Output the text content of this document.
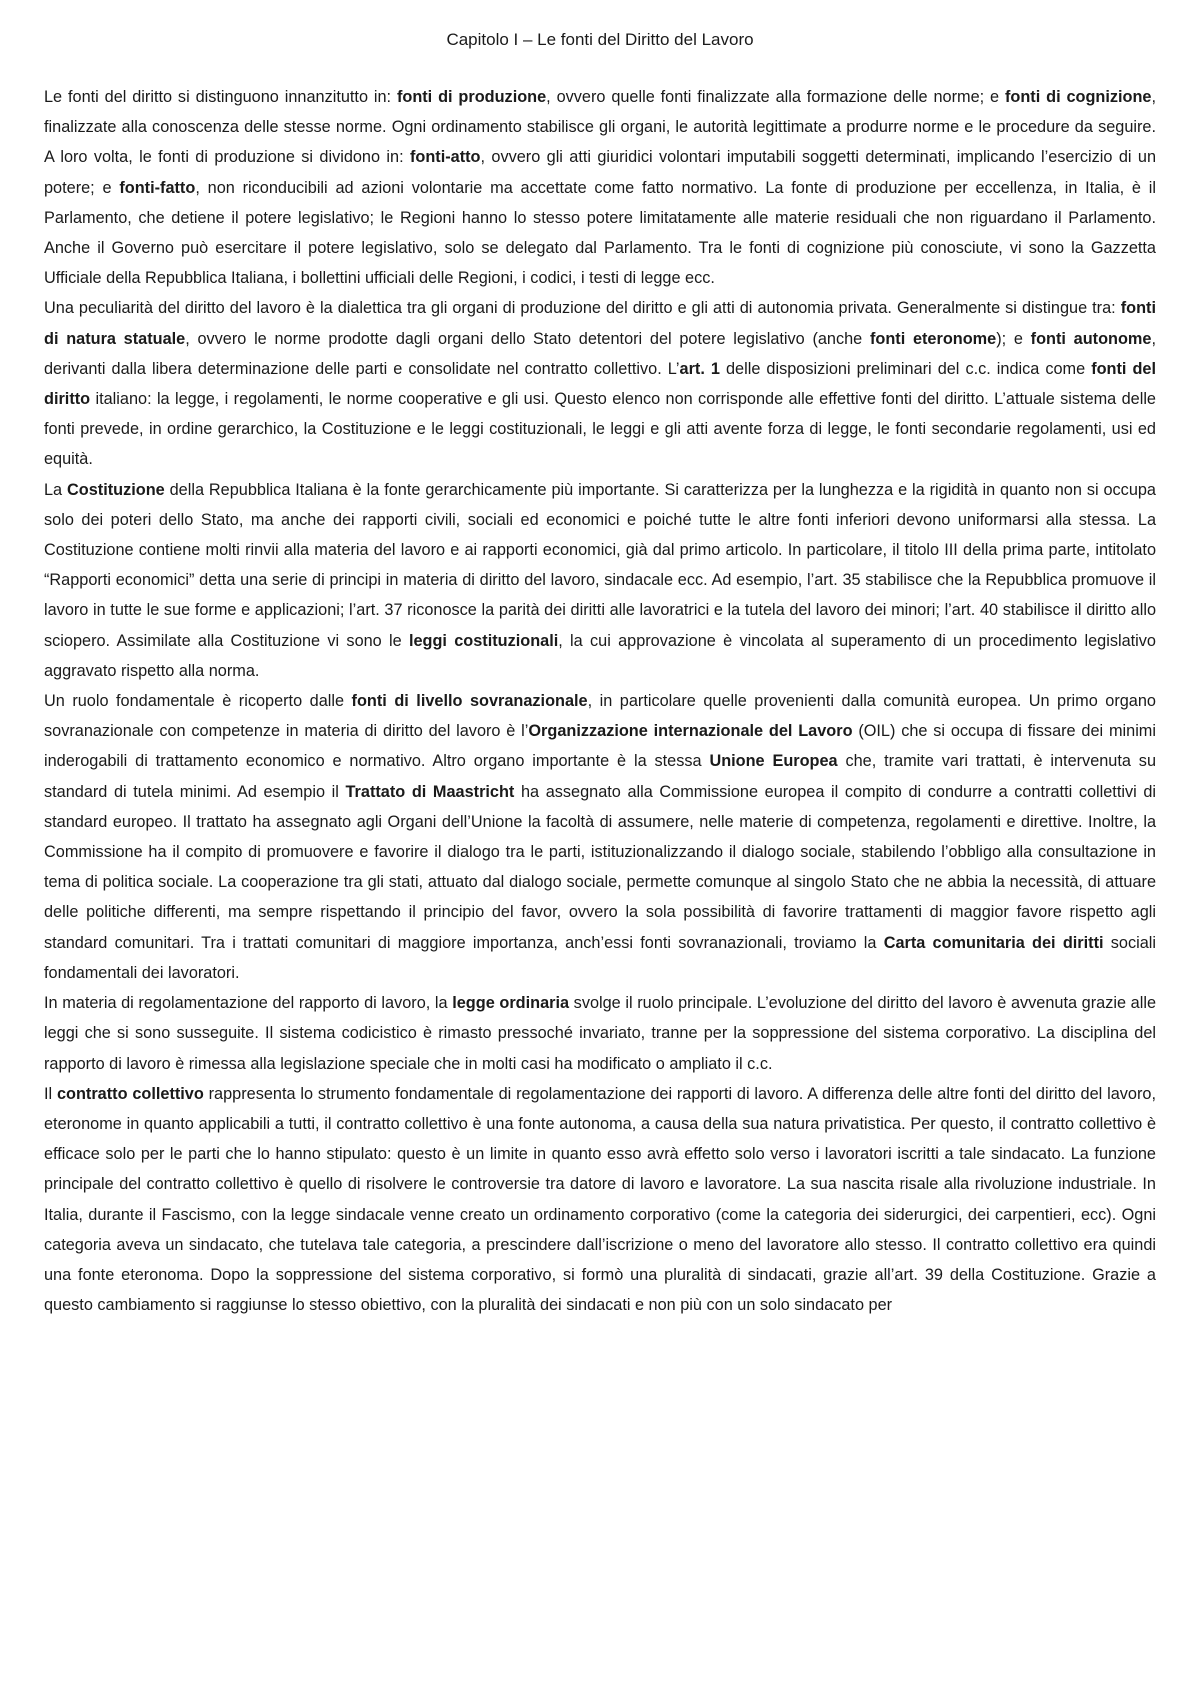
Capitolo I – Le fonti del Diritto del Lavoro

Le fonti del diritto si distinguono innanzitutto in: fonti di produzione, ovvero quelle fonti finalizzate alla formazione delle norme; e fonti di cognizione, finalizzate alla conoscenza delle stesse norme. Ogni ordinamento stabilisce gli organi, le autorità legittimate a produrre norme e le procedure da seguire. A loro volta, le fonti di produzione si dividono in: fonti-atto, ovvero gli atti giuridici volontari imputabili soggetti determinati, implicando l’esercizio di un potere; e fonti-fatto, non riconducibili ad azioni volontarie ma accettate come fatto normativo. La fonte di produzione per eccellenza, in Italia, è il Parlamento, che detiene il potere legislativo; le Regioni hanno lo stesso potere limitatamente alle materie residuali che non riguardano il Parlamento. Anche il Governo può esercitare il potere legislativo, solo se delegato dal Parlamento. Tra le fonti di cognizione più conosciute, vi sono la Gazzetta Ufficiale della Repubblica Italiana, i bollettini ufficiali delle Regioni, i codici, i testi di legge ecc.

Una peculiarità del diritto del lavoro è la dialettica tra gli organi di produzione del diritto e gli atti di autonomia privata. Generalmente si distingue tra: fonti di natura statuale, ovvero le norme prodotte dagli organi dello Stato detentori del potere legislativo (anche fonti eteronome); e fonti autonome, derivanti dalla libera determinazione delle parti e consolidate nel contratto collettivo. L’art. 1 delle disposizioni preliminari del c.c. indica come fonti del diritto italiano: la legge, i regolamenti, le norme cooperative e gli usi. Questo elenco non corrisponde alle effettive fonti del diritto. L’attuale sistema delle fonti prevede, in ordine gerarchico, la Costituzione e le leggi costituzionali, le leggi e gli atti avente forza di legge, le fonti secondarie regolamenti, usi ed equità.

La Costituzione della Repubblica Italiana è la fonte gerarchicamente più importante. Si caratterizza per la lunghezza e la rigidità in quanto non si occupa solo dei poteri dello Stato, ma anche dei rapporti civili, sociali ed economici e poiché tutte le altre fonti inferiori devono uniformarsi alla stessa. La Costituzione contiene molti rinvii alla materia del lavoro e ai rapporti economici, già dal primo articolo. In particolare, il titolo III della prima parte, intitolato “Rapporti economici” detta una serie di principi in materia di diritto del lavoro, sindacale ecc. Ad esempio, l’art. 35 stabilisce che la Repubblica promuove il lavoro in tutte le sue forme e applicazioni; l’art. 37 riconosce la parità dei diritti alle lavoratrici e la tutela del lavoro dei minori; l’art. 40 stabilisce il diritto allo sciopero. Assimilate alla Costituzione vi sono le leggi costituzionali, la cui approvazione è vincolata al superamento di un procedimento legislativo aggravato rispetto alla norma.

Un ruolo fondamentale è ricoperto dalle fonti di livello sovranazionale, in particolare quelle provenienti dalla comunità europea. Un primo organo sovranazionale con competenze in materia di diritto del lavoro è l’Organizzazione internazionale del Lavoro (OIL) che si occupa di fissare dei minimi inderogabili di trattamento economico e normativo. Altro organo importante è la stessa Unione Europea che, tramite vari trattati, è intervenuta su standard di tutela minimi. Ad esempio il Trattato di Maastricht ha assegnato alla Commissione europea il compito di condurre a contratti collettivi di standard europeo. Il trattato ha assegnato agli Organi dell’Unione la facoltà di assumere, nelle materie di competenza, regolamenti e direttive. Inoltre, la Commissione ha il compito di promuovere e favorire il dialogo tra le parti, istituzionalizzando il dialogo sociale, stabilendo l’obbligo alla consultazione in tema di politica sociale. La cooperazione tra gli stati, attuato dal dialogo sociale, permette comunque al singolo Stato che ne abbia la necessità, di attuare delle politiche differenti, ma sempre rispettando il principio del favor, ovvero la sola possibilità di favorire trattamenti di maggior favore rispetto agli standard comunitari. Tra i trattati comunitari di maggiore importanza, anch’essi fonti sovranazionali, troviamo la Carta comunitaria dei diritti sociali fondamentali dei lavoratori.

In materia di regolamentazione del rapporto di lavoro, la legge ordinaria svolge il ruolo principale. L’evoluzione del diritto del lavoro è avvenuta grazie alle leggi che si sono susseguite. Il sistema codicistico è rimasto pressoché invariato, tranne per la soppressione del sistema corporativo. La disciplina del rapporto di lavoro è rimessa alla legislazione speciale che in molti casi ha modificato o ampliato il c.c.

Il contratto collettivo rappresenta lo strumento fondamentale di regolamentazione dei rapporti di lavoro. A differenza delle altre fonti del diritto del lavoro, eteronome in quanto applicabili a tutti, il contratto collettivo è una fonte autonoma, a causa della sua natura privatistica. Per questo, il contratto collettivo è efficace solo per le parti che lo hanno stipulato: questo è un limite in quanto esso avrà effetto solo verso i lavoratori iscritti a tale sindacato. La funzione principale del contratto collettivo è quello di risolvere le controversie tra datore di lavoro e lavoratore. La sua nascita risale alla rivoluzione industriale. In Italia, durante il Fascismo, con la legge sindacale venne creato un ordinamento corporativo (come la categoria dei siderurgici, dei carpentieri, ecc). Ogni categoria aveva un sindacato, che tutelava tale categoria, a prescindere dall’iscrizione o meno del lavoratore allo stesso. Il contratto collettivo era quindi una fonte eteronoma. Dopo la soppressione del sistema corporativo, si formò una pluralità di sindacati, grazie all’art. 39 della Costituzione. Grazie a questo cambiamento si raggiunse lo stesso obiettivo, con la pluralità dei sindacati e non più con un solo sindacato per
